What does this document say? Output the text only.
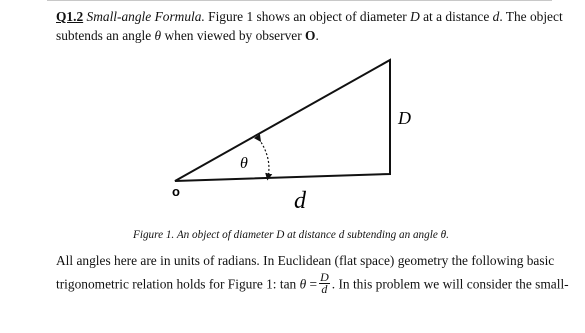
Q1.2 Small-angle Formula. Figure 1 shows an object of diameter D at a distance d. The object
subtends an angle θ when viewed by observer O.
o
θ
D
d
Figure 1. An object of diameter D at distance d subtending an angle θ.
All angles here are in units of radians. In Euclidean (flat space) geometry the following basic
trigonometric relation holds for Figure 1: $\tan \theta = \frac{D}{d}$ . In this problem we will consider the small-
